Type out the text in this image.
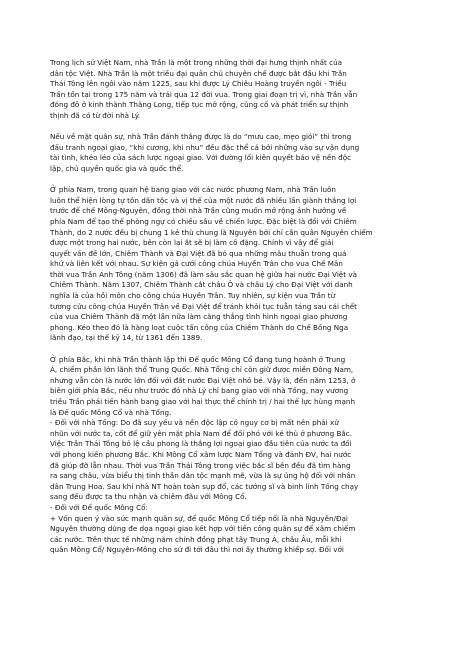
Trong lịch sử Việt Nam, nhà Trần là một trong những thời đại hưng thịnh nhất của
dân tộc Việt. Nhà Trần là một triều đại quân chủ chuyên chế được bắt đầu khi Trần
Thái Tông lên ngôi vào năm 1225, sau khi được Lý Chiêu Hoàng truyền ngôi - Triều
Trần tồn tại trong 175 năm và trải qua 12 đời vua. Trong giai đoạn trị vì, nhà Trần vẫn
đóng đô ở kinh thành Thăng Long, tiếp tục mở rộng, củng cố và phát triển sự thịnh
thịnh đã có từ đời nhà Lý.

Nếu về mặt quân sự, nhà Trần đánh thắng được là do “mưu cao, mẹo giỏi” thì trong
đấu tranh ngoại giao, “khi cương, khi nhu” đều đặc thể cả bởi những vào sự vận dụng
tài tình, khéo léo của sách lược ngoại giao. Với đường lối kiên quyết bảo vệ nền độc
lập, chủ quyền quốc gia và quốc thể.

Ở phía Nam, trong quan hệ bang giao với các nước phương Nam, nhà Trần luôn
luôn thể hiện lòng tự tôn dân tộc và vị thế của một nước đã nhiều lần giành thắng lợi
trước đế chế Mông-Nguyên, đồng thời nhà Trần cũng muốn mở rộng ảnh hưởng về
phía Nam để tạo thế phòng ngự có chiều sâu về chiến lược. Đặc biệt là đối với Chiêm
Thành, do 2 nước đều bị chung 1 kẻ thù chung là Nguyên bởi chỉ cần quân Nguyên chiếm
được một trong hai nước, bên còn lại ắt sẽ bị làm cô đặng. Chính vì vậy để giải
quyết vấn đề lớn, Chiêm Thành và Đại Việt đã bỏ qua những mâu thuẫn trong quá
khứ và liên kết với nhau. Sự kiện gả cưới công chúa Huyền Trân cho vua Chế Mân
thời vua Trần Anh Tông (năm 1306) đã làm sâu sắc quan hệ giữa hai nước Đại Việt và
Chiêm Thành. Năm 1307, Chiêm Thành cắt châu Ô và châu Lý cho Đại Việt với danh
nghĩa là của hồi môn cho công chúa Huyền Trân. Tuy nhiên, sự kiện vua Trần từ
tương cửu công chúa Huyền Trân về Đại Việt để tránh khỏi tục tuẫn táng sau cái chết
của vua Chiêm Thành đã một lần nữa làm căng thẳng tình hình ngoại giao phương
phong. Kéo theo đó là hàng loạt cuộc tấn công của Chiêm Thành do Chế Bồng Nga
lãnh đạo, tại thế kỷ 14, từ 1361 đến 1389.

Ở phía Bắc, khi nhà Trần thành lập thì Đế quốc Mông Cổ đang tung hoành ở Trung
Á, chiếm phần lớn lãnh thổ Trung Quốc. Nhà Tống chỉ còn giữ được miền Đông Nam,
nhưng vẫn còn là nước lớn đối với đất nước Đại Việt nhỏ bé. Vậy là, đến năm 1253, ở
biên giới phía Bắc, nếu như trước đó nhà Lý chỉ bang giao với nhà Tống, nay vương
triều Trần phải tiến hành bang giao với hai thực thể chính trị / hai thế lực hùng mạnh
là Đế quốc Mông Cổ và nhà Tống.
- Đối với nhà Tống: Do đã suy yếu và nền độc lập có nguy cơ bị mất nên phải xử
nhũn với nước ta, cốt để giữ yên mặt phía Nam để đối phó với kẻ thù ở phương Bắc.
Việc Trần Thái Tông bỏ lệ cầu phong là thắng lợi ngoại giao đầu tiên của nước ta đối
với phong kiến phương Bắc. Khi Mông Cổ xâm lược Nam Tống và đánh ĐV, hai nước
đã giúp đỡ lẫn nhau. Thời vua Trần Thái Tông trong việc bắc sĩ bên đều đã tìm hàng
ra sang châu, vừa biểu thị tinh thần dân tộc mạnh mẽ, vừa là sự ủng hộ đối với nhân
dân Trung Hoa. Sau khi nhà NT hoàn toàn sụp đổ, các tướng sĩ và binh lính Tống chạy
sang đều được ta thu nhận và chiêm đãu với Mông Cổ.
- Đối với Đế quốc Mông Cổ:
+ Vốn quen ý vào sức mạnh quân sự, để quốc Mông Cổ tiếp nối là nhà Nguyên/Đại
Nguyên thường dùng đe dọa ngoại giao kết hợp với tiến công quân sự để xâm chiếm
các nước. Trên thực tế những năm chính đồng phạt tây Trung Á, châu Âu, mỗi khi
quân Mông Cổ/ Nguyên-Mông cho sứ đi tới đâu thì nơi ấy thường khiếp sợ. Đối với
